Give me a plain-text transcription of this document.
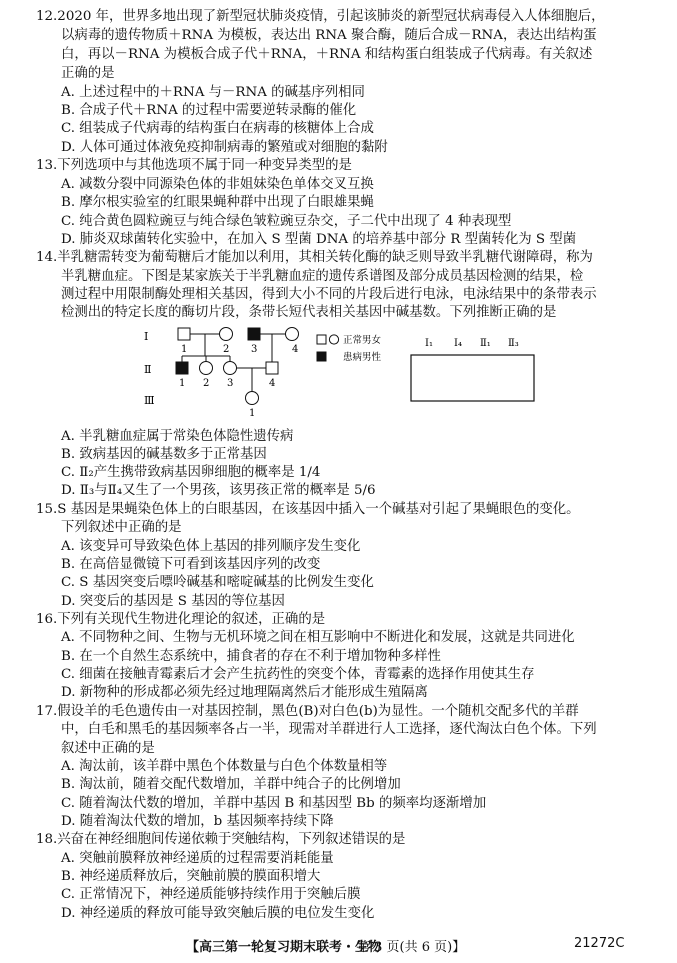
12.2020 年，世界多地出现了新型冠状肺炎疫情，引起该肺炎的新型冠状病毒侵入人体细胞后，
以病毒的遗传物质＋RNA 为模板，表达出 RNA 聚合酶，随后合成－RNA，表达出结构蛋
白，再以－RNA 为模板合成子代＋RNA，＋RNA 和结构蛋白组装成子代病毒。有关叙述
正确的是
A. 上述过程中的＋RNA 与－RNA 的碱基序列相同
B. 合成子代＋RNA 的过程中需要逆转录酶的催化
C. 组装成子代病毒的结构蛋白在病毒的核糖体上合成
D. 人体可通过体液免疫抑制病毒的繁殖或对细胞的黏附
13.下列选项中与其他选项不属于同一种变异类型的是
A. 减数分裂中同源染色体的非姐妹染色单体交叉互换
B. 摩尔根实验室的红眼果蝇种群中出现了白眼雄果蝇
C. 纯合黄色圆粒豌豆与纯合绿色皱粒豌豆杂交，子二代中出现了 4 种表现型
D. 肺炎双球菌转化实验中，在加入 S 型菌 DNA 的培养基中部分 R 型菌转化为 S 型菌
14.半乳糖需转变为葡萄糖后才能加以利用，其相关转化酶的缺乏则导致半乳糖代谢障碍，称为
半乳糖血症。下图是某家族关于半乳糖血症的遗传系谱图及部分成员基因检测的结果，检
测过程中用限制酶处理相关基因，得到大小不同的片段后进行电泳，电泳结果中的条带表示
检测出的特定长度的酶切片段，条带长短代表相关基因中碱基数。下列推断正确的是
Ⅰ
Ⅱ
Ⅲ
1	2 3	4
1 2 3	4
1
正常男女
患病男性
Ⅰ₁ Ⅰ₄ Ⅱ₁ Ⅱ₃
A. 半乳糖血症属于常染色体隐性遗传病
B. 致病基因的碱基数多于正常基因
C. Ⅱ₂产生携带致病基因卵细胞的概率是 1/4
D. Ⅱ₃与Ⅱ₄又生了一个男孩，该男孩正常的概率是 5/6
15.S 基因是果蝇染色体上的白眼基因，在该基因中插入一个碱基对引起了果蝇眼色的变化。
下列叙述中正确的是
A. 该变异可导致染色体上基因的排列顺序发生变化
B. 在高倍显微镜下可看到该基因序列的改变
C. S 基因突变后嘌呤碱基和嘧啶碱基的比例发生变化
D. 突变后的基因是 S 基因的等位基因
16.下列有关现代生物进化理论的叙述，正确的是
A. 不同物种之间、生物与无机环境之间在相互影响中不断进化和发展，这就是共同进化
B. 在一个自然生态系统中，捕食者的存在不利于增加物种多样性
C. 细菌在接触青霉素后才会产生抗药性的突变个体，青霉素的选择作用使其生存
D. 新物种的形成都必须先经过地理隔离然后才能形成生殖隔离
17.假设羊的毛色遗传由一对基因控制，黑色(B)对白色(b)为显性。一个随机交配多代的羊群
中，白毛和黑毛的基因频率各占一半，现需对羊群进行人工选择，逐代淘汰白色个体。下列
叙述中正确的是
A. 淘汰前，该羊群中黑色个体数量与白色个体数量相等
B. 淘汰前，随着交配代数增加，羊群中纯合子的比例增加
C. 随着淘汰代数的增加，羊群中基因 B 和基因型 Bb 的频率均逐渐增加
D. 随着淘汰代数的增加，b 基因频率持续下降
18.兴奋在神经细胞间传递依赖于突触结构，下列叙述错误的是
A. 突触前膜释放神经递质的过程需要消耗能量
B. 神经递质释放后，突触前膜的膜面积增大
C. 正常情况下，神经递质能够持续作用于突触后膜
D. 神经递质的释放可能导致突触后膜的电位发生变化
【高三第一轮复习期末联考・生物
第 3 页(共 6 页)】	21272C
